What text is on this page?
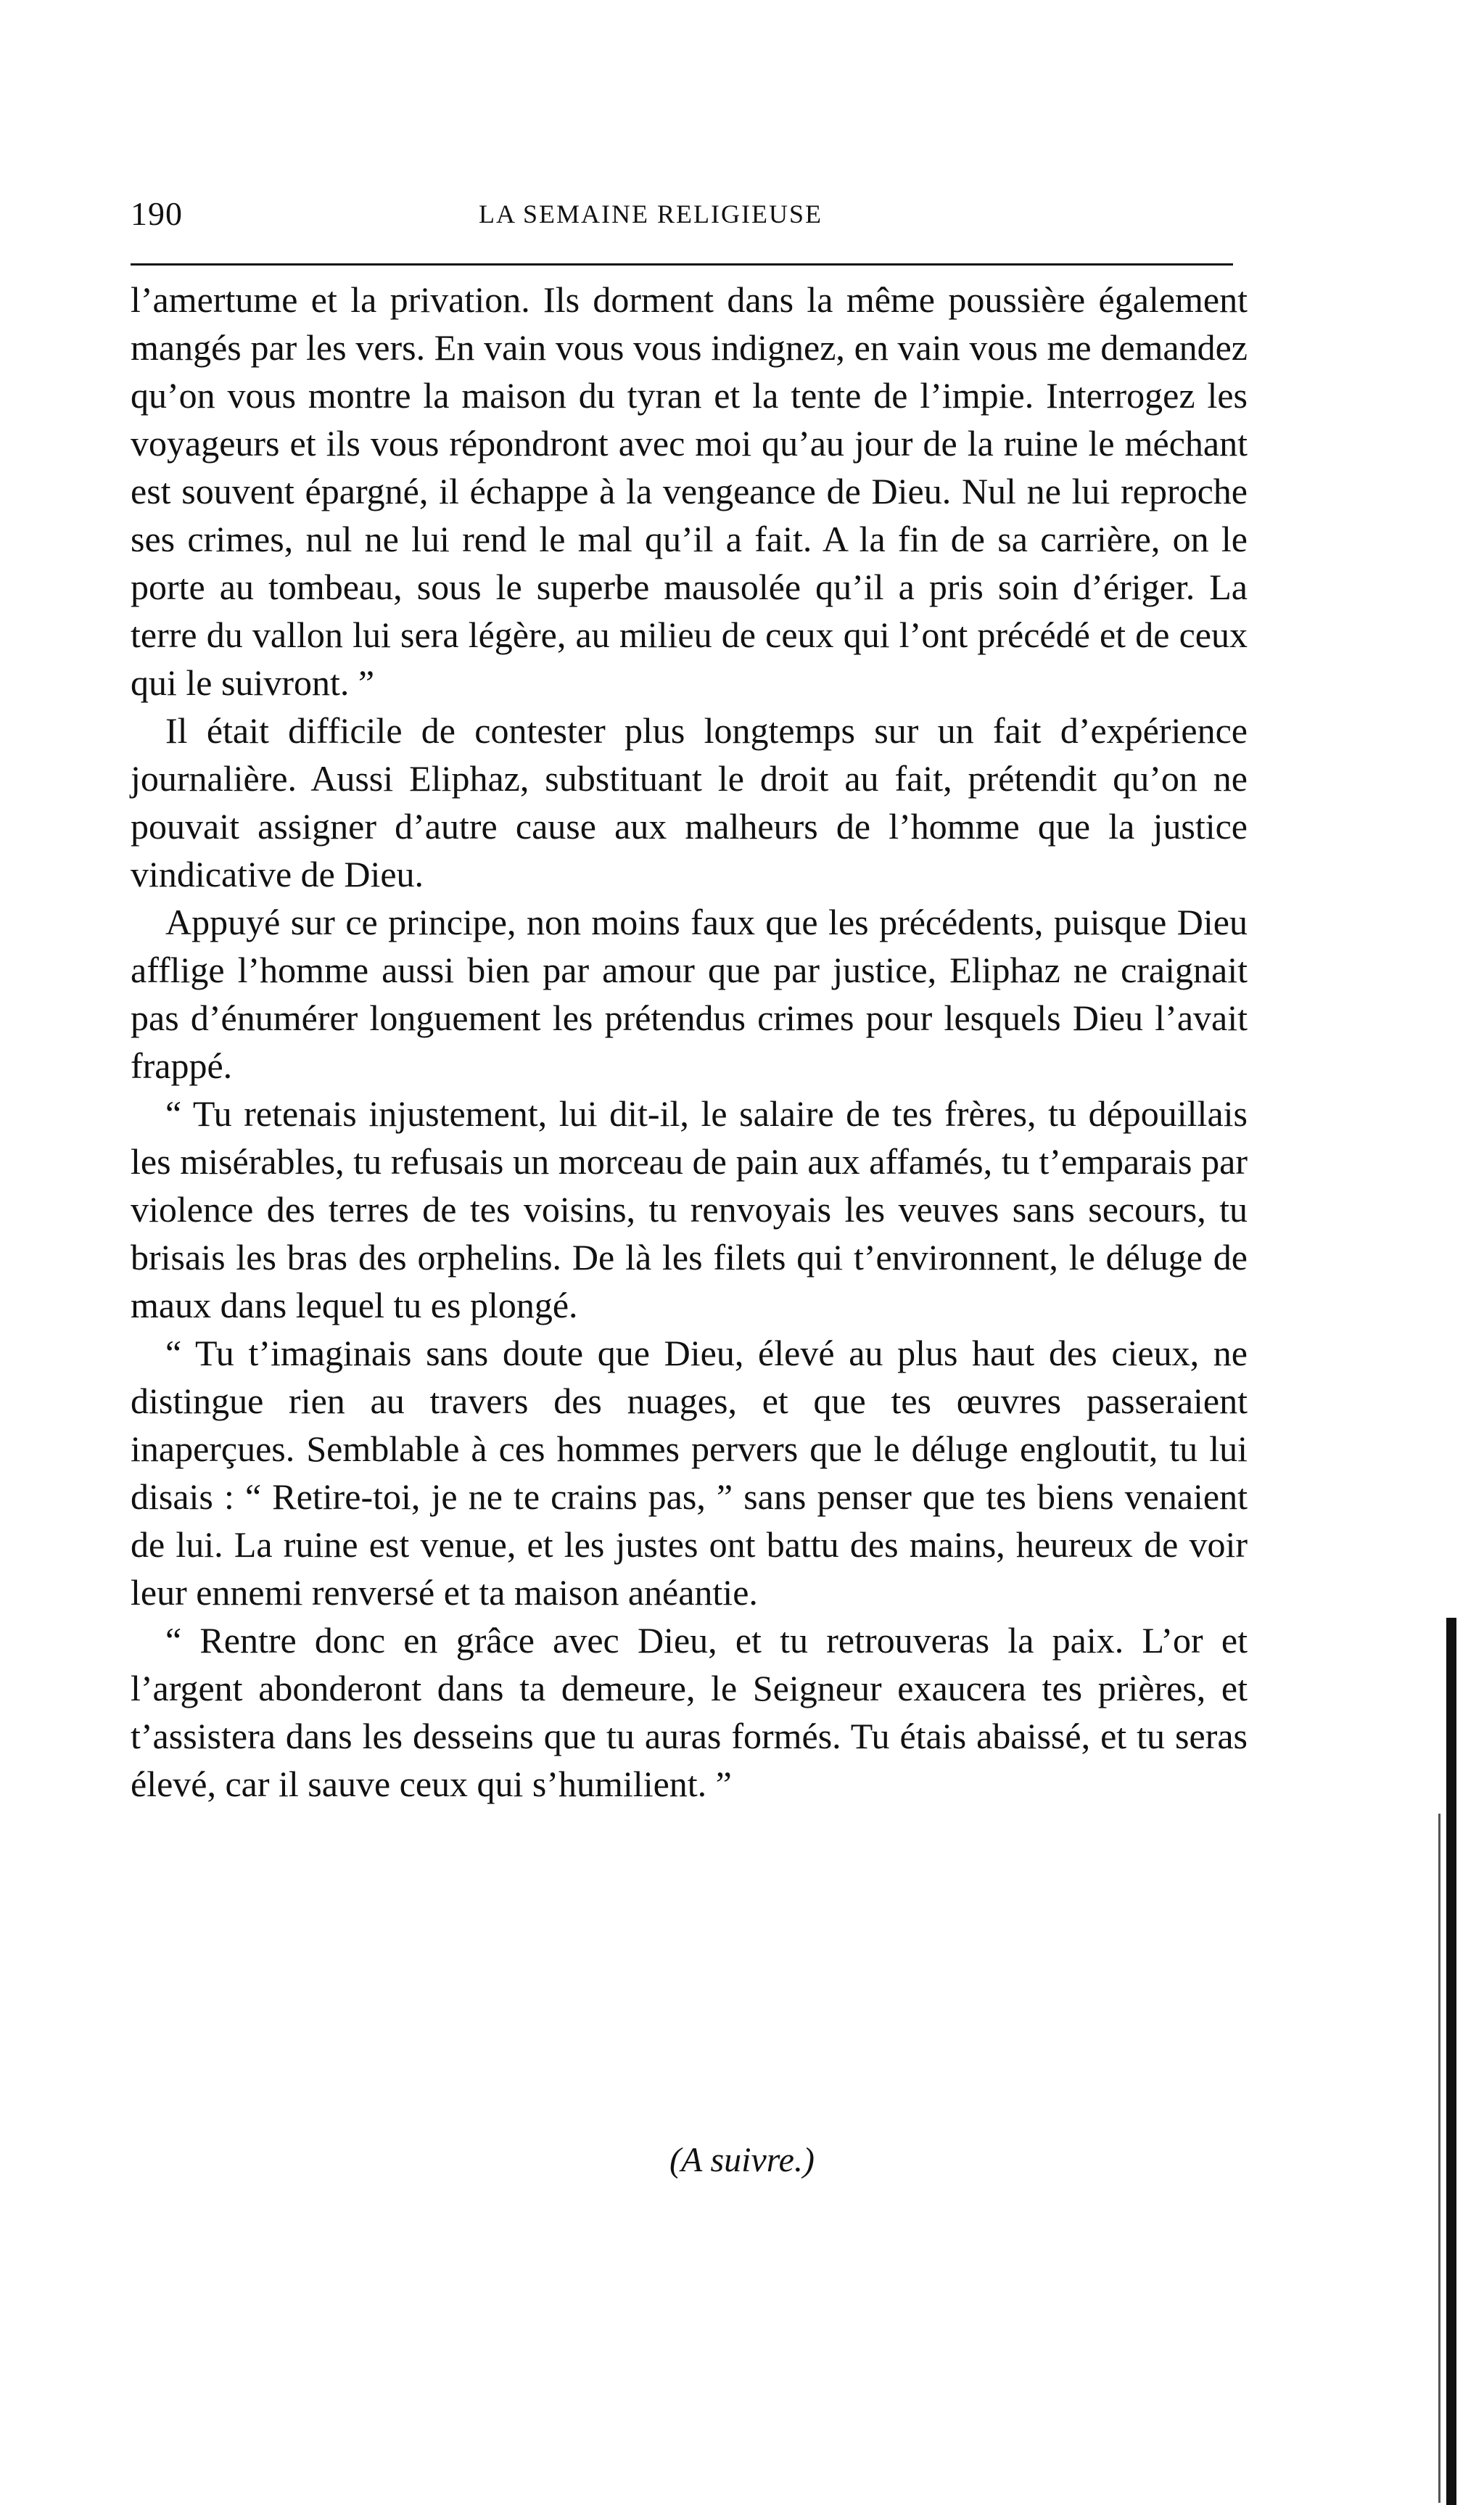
190	LA SEMAINE RELIGIEUSE

l’amertume et la privation. Ils dorment dans la même poussière également mangés par les vers. En vain vous vous indignez, en vain vous me demandez qu’on vous montre la maison du tyran et la tente de l’impie. Interrogez les voyageurs et ils vous répondront avec moi qu’au jour de la ruine le méchant est souvent épargné, il échappe à la vengeance de Dieu. Nul ne lui reproche ses crimes, nul ne lui rend le mal qu’il a fait. A la fin de sa carrière, on le porte au tombeau, sous le superbe mausolée qu’il a pris soin d’ériger. La terre du vallon lui sera légère, au milieu de ceux qui l’ont précédé et de ceux qui le suivront. ”

Il était difficile de contester plus longtemps sur un fait d’expérience journalière. Aussi Eliphaz, substituant le droit au fait, prétendit qu’on ne pouvait assigner d’autre cause aux malheurs de l’homme que la justice vindicative de Dieu.

Appuyé sur ce principe, non moins faux que les précédents, puisque Dieu afflige l’homme aussi bien par amour que par justice, Eliphaz ne craignait pas d’énumérer longuement les prétendus crimes pour lesquels Dieu l’avait frappé.

“ Tu retenais injustement, lui dit-il, le salaire de tes frères, tu dépouillais les misérables, tu refusais un morceau de pain aux affamés, tu t’emparais par violence des terres de tes voisins, tu renvoyais les veuves sans secours, tu brisais les bras des orphelins. De là les filets qui t’environnent, le déluge de maux dans lequel tu es plongé.

“ Tu t’imaginais sans doute que Dieu, élevé au plus haut des cieux, ne distingue rien au travers des nuages, et que tes œuvres passeraient inaperçues. Semblable à ces hommes pervers que le déluge engloutit, tu lui disais : “ Retire-toi, je ne te crains pas, ” sans penser que tes biens venaient de lui. La ruine est venue, et les justes ont battu des mains, heureux de voir leur ennemi renversé et ta maison anéantie.

“ Rentre donc en grâce avec Dieu, et tu retrouveras la paix. L’or et l’argent abonderont dans ta demeure, le Seigneur exaucera tes prières, et t’assistera dans les desseins que tu auras formés. Tu étais abaissé, et tu seras élevé, car il sauve ceux qui s’humilient. ”

(A suivre.)
